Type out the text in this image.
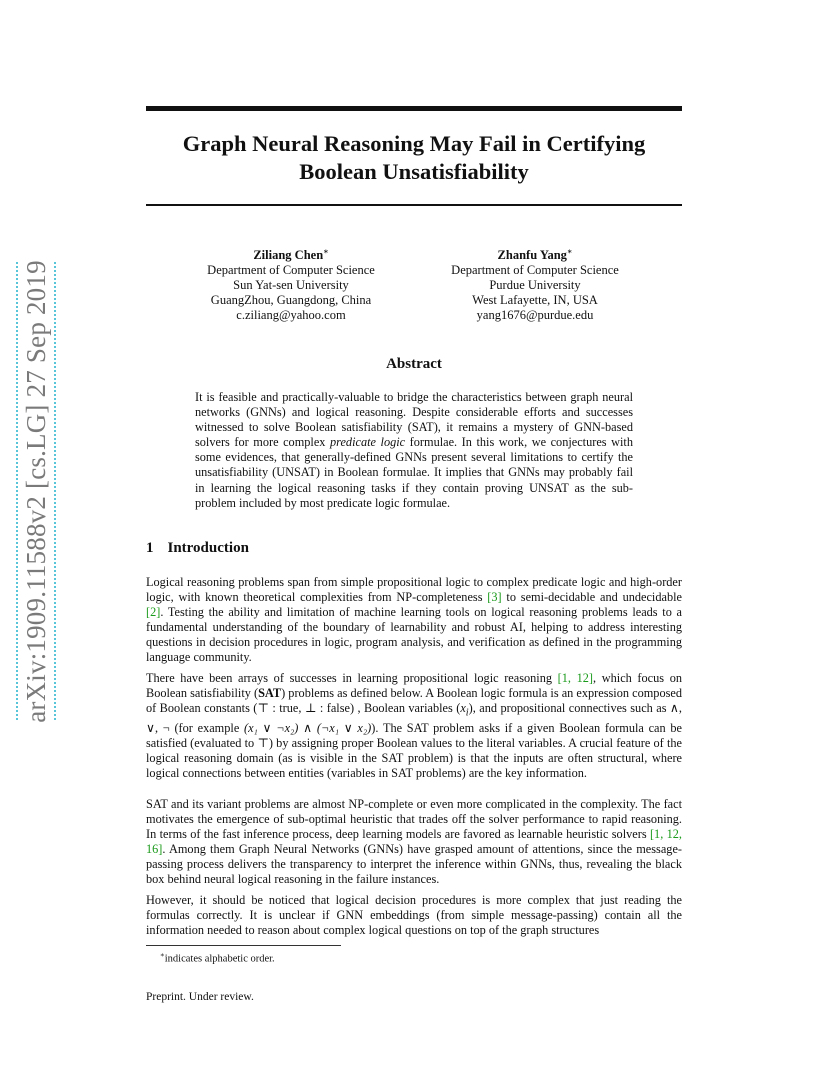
arXiv:1909.11588v2 [cs.LG] 27 Sep 2019
Graph Neural Reasoning May Fail in Certifying
Boolean Unsatisfiability
Ziliang Chen∗
Department of Computer Science
Sun Yat-sen University
GuangZhou, Guangdong, China
c.ziliang@yahoo.com
Zhanfu Yang∗
Department of Computer Science
Purdue University
West Lafayette, IN, USA
yang1676@purdue.edu
Abstract
It is feasible and practically-valuable to bridge the characteristics between graph neural networks (GNNs) and logical reasoning. Despite considerable efforts and successes witnessed to solve Boolean satisfiability (SAT), it remains a mystery of GNN-based solvers for more complex predicate logic formulae. In this work, we conjectures with some evidences, that generally-defined GNNs present several limitations to certify the unsatisfiability (UNSAT) in Boolean formulae. It implies that GNNs may probably fail in learning the logical reasoning tasks if they contain proving UNSAT as the sub-problem included by most predicate logic formulae.
1 Introduction

Logical reasoning problems span from simple propositional logic to complex predicate logic and high-order logic, with known theoretical complexities from NP-completeness [3] to semi-decidable and undecidable [2]. Testing the ability and limitation of machine learning tools on logical reasoning problems leads to a fundamental understanding of the boundary of learnability and robust AI, helping to address interesting questions in decision procedures in logic, program analysis, and verification as defined in the programming language community.

There have been arrays of successes in learning propositional logic reasoning [1, 12], which focus on Boolean satisfiability (SAT) problems as defined below. A Boolean logic formula is an expression composed of Boolean constants (⊤ : true, ⊥ : false) , Boolean variables $(x_i)$, and propositional connectives such as ∧, ∨, ¬ (for example (x₁ ∨ ¬x₂) ∧ (¬x₁ ∨ x₂)). The SAT problem asks if a given Boolean formula can be satisfied (evaluated to ⊤) by assigning proper Boolean values to the literal variables. A crucial feature of the logical reasoning domain (as is visible in the SAT problem) is that the inputs are often structural, where logical connections between entities (variables in SAT problems) are the key information.

SAT and its variant problems are almost NP-complete or even more complicated in the complexity. The fact motivates the emergence of sub-optimal heuristic that trades off the solver performance to rapid reasoning. In terms of the fast inference process, deep learning models are favored as learnable heuristic solvers [1, 12, 16]. Among them Graph Neural Networks (GNNs) have grasped amount of attentions, since the message-passing process delivers the transparency to interpret the inference within GNNs, thus, revealing the black box behind neural logical reasoning in the failure instances.

However, it should be noticed that logical decision procedures is more complex that just reading the formulas correctly. It is unclear if GNN embeddings (from simple message-passing) contain all the information needed to reason about complex logical questions on top of the graph structures

∗indicates alphabetic order.
Preprint. Under review.
